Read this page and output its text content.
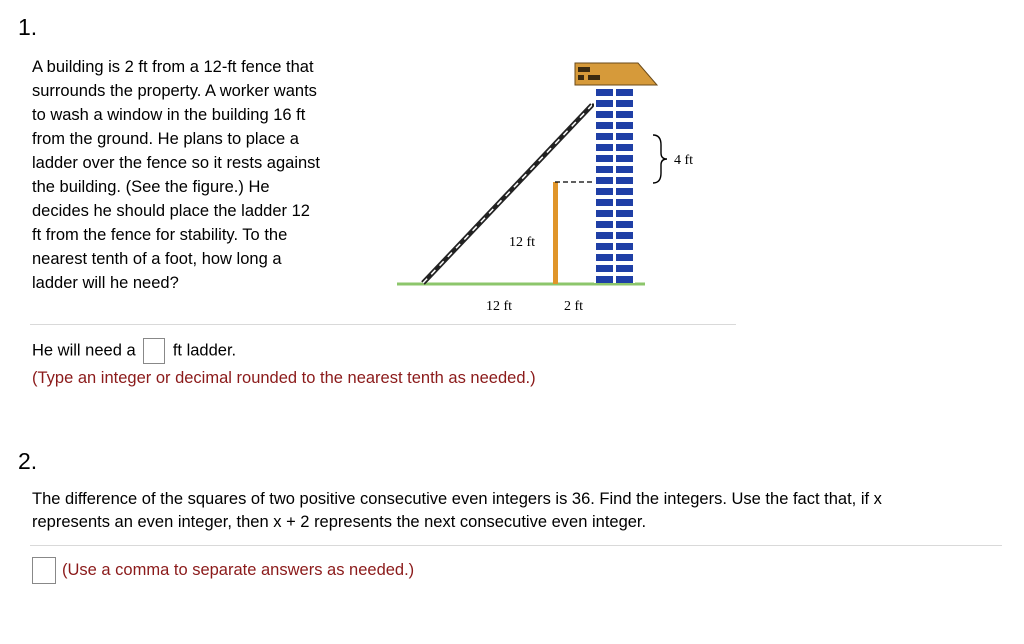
1.
A building is 2 ft from a 12-ft fence that
surrounds the property. A worker wants
to wash a window in the building 16 ft
from the ground. He plans to place a
ladder over the fence so it rests against
the building. (See the figure.) He
decides he should place the ladder 12
ft from the fence for stability. To the
nearest tenth of a foot, how long a
ladder will he need?
4 ft
12 ft
12 ft	2 ft
He will need a ft ladder.
(Type an integer or decimal rounded to the nearest tenth as needed.)
2.
The difference of the squares of two positive consecutive even integers is 36. Find the integers. Use the fact that, if x
represents an even integer, then x + 2 represents the next consecutive even integer.
(Use a comma to separate answers as needed.)
